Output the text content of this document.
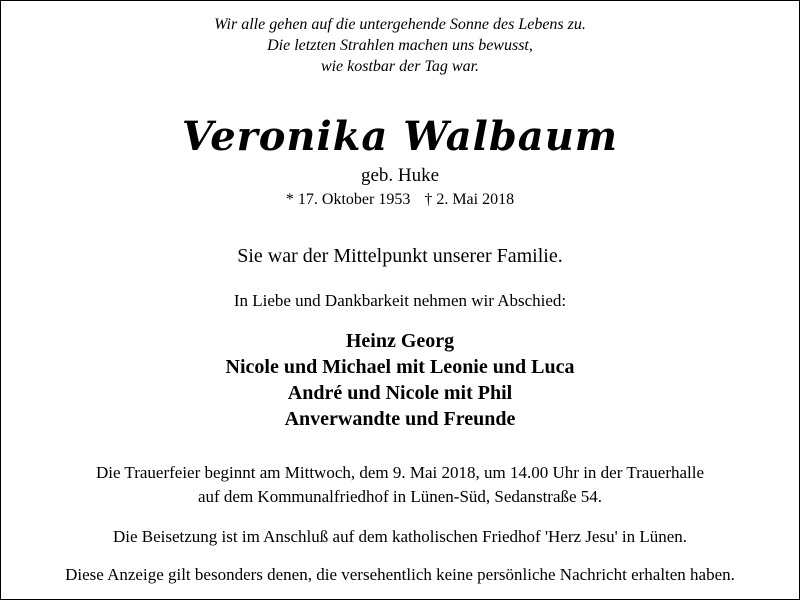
Wir alle gehen auf die untergehende Sonne des Lebens zu.
Die letzten Strahlen machen uns bewusst,
wie kostbar der Tag war.
Veronika Walbaum
geb. Huke
* 17. Oktober 1953 † 2. Mai 2018
Sie war der Mittelpunkt unserer Familie.
In Liebe und Dankbarkeit nehmen wir Abschied:
Heinz Georg
Nicole und Michael mit Leonie und Luca
André und Nicole mit Phil
Anverwandte und Freunde
Die Trauerfeier beginnt am Mittwoch, dem 9. Mai 2018, um 14.00 Uhr in der Trauerhalle
auf dem Kommunalfriedhof in Lünen-Süd, Sedanstraße 54.
Die Beisetzung ist im Anschluß auf dem katholischen Friedhof 'Herz Jesu' in Lünen.
Diese Anzeige gilt besonders denen, die versehentlich keine persönliche Nachricht erhalten haben.
